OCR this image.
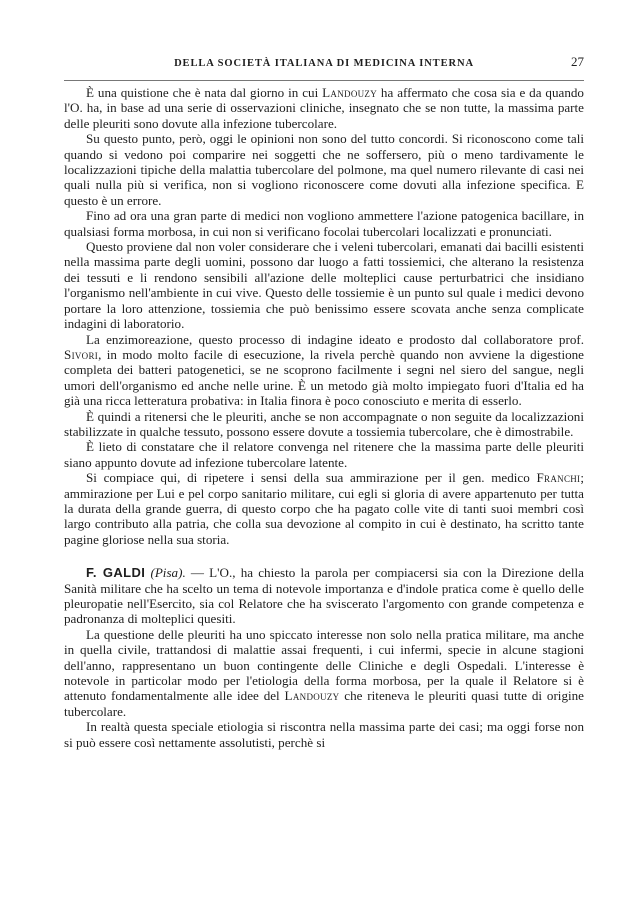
DELLA SOCIETÀ ITALIANA DI MEDICINA INTERNA	27

È una quistione che è nata dal giorno in cui Landouzy ha affermato che cosa sia e da quando l'O. ha, in base ad una serie di osservazioni cliniche, insegnato che se non tutte, la massima parte delle pleuriti sono dovute alla infezione tubercolare.

Su questo punto, però, oggi le opinioni non sono del tutto concordi. Si riconoscono come tali quando si vedono poi comparire nei soggetti che ne soffersero, più o meno tardivamente le localizzazioni tipiche della malattia tubercolare del polmone, ma quel numero rilevante di casi nei quali nulla più si verifica, non si vogliono riconoscere come dovuti alla infezione specifica. E questo è un errore.

Fino ad ora una gran parte di medici non vogliono ammettere l'azione patogenica bacillare, in qualsiasi forma morbosa, in cui non si verificano focolai tubercolari localizzati e pronunciati.

Questo proviene dal non voler considerare che i veleni tubercolari, emanati dai bacilli esistenti nella massima parte degli uomini, possono dar luogo a fatti tossiemici, che alterano la resistenza dei tessuti e li rendono sensibili all'azione delle molteplici cause perturbatrici che insidiano l'organismo nell'ambiente in cui vive. Questo delle tossiemie è un punto sul quale i medici devono portare la loro attenzione, tossiemia che può benissimo essere scovata anche senza complicate indagini di laboratorio.

La enzimoreazione, questo processo di indagine ideato e prodosto dal collaboratore prof. Sivori, in modo molto facile di esecuzione, la rivela perchè quando non avviene la digestione completa dei batteri patogenetici, se ne scoprono facilmente i segni nel siero del sangue, negli umori dell'organismo ed anche nelle urine. È un metodo già molto impiegato fuori d'Italia ed ha già una ricca letteratura probativa: in Italia finora è poco conosciuto e merita di esserlo.

È quindi a ritenersi che le pleuriti, anche se non accompagnate o non seguite da localizzazioni stabilizzate in qualche tessuto, possono essere dovute a tossiemia tubercolare, che è dimostrabile.

È lieto di constatare che il relatore convenga nel ritenere che la massima parte delle pleuriti siano appunto dovute ad infezione tubercolare latente.

Si compiace qui, di ripetere i sensi della sua ammirazione per il gen. medico Franchi; ammirazione per Lui e pel corpo sanitario militare, cui egli si gloria di avere appartenuto per tutta la durata della grande guerra, di questo corpo che ha pagato colle vite di tanti suoi membri così largo contributo alla patria, che colla sua devozione al compito in cui è destinato, ha scritto tante pagine gloriose nella sua storia.

F. GALDI (Pisa). — L'O., ha chiesto la parola per compiacersi sia con la Direzione della Sanità militare che ha scelto un tema di notevole importanza e d'indole pratica come è quello delle pleuropatie nell'Esercito, sia col Relatore che ha sviscerato l'argomento con grande competenza e padronanza di molteplici quesiti.

La questione delle pleuriti ha uno spiccato interesse non solo nella pratica militare, ma anche in quella civile, trattandosi di malattie assai frequenti, i cui infermi, specie in alcune stagioni dell'anno, rappresentano un buon contingente delle Cliniche e degli Ospedali. L'interesse è notevole in particolar modo per l'etiologia della forma morbosa, per la quale il Relatore si è attenuto fondamentalmente alle idee del Landouzy che riteneva le pleuriti quasi tutte di origine tubercolare.

In realtà questa speciale etiologia si riscontra nella massima parte dei casi; ma oggi forse non si può essere così nettamente assolutisti, perchè si
